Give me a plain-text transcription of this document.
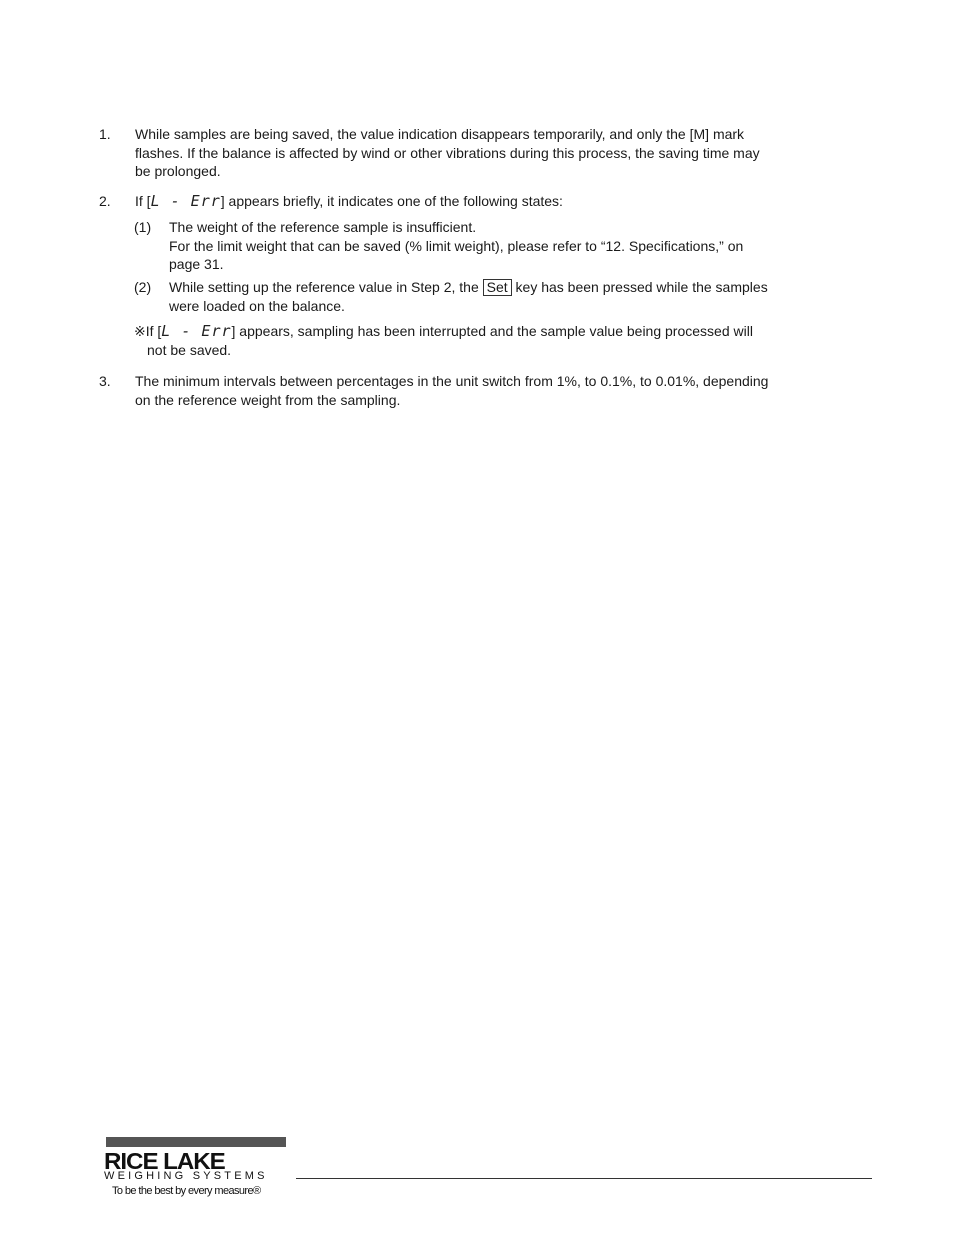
1. While samples are being saved, the value indication disappears temporarily, and only the [M] mark flashes. If the balance is affected by wind or other vibrations during this process, the saving time may be prolonged.
2. If [L - Err] appears briefly, it indicates one of the following states:
(1) The weight of the reference sample is insufficient.
For the limit weight that can be saved (% limit weight), please refer to “12. Specifications,” on page 31.
(2) While setting up the reference value in Step 2, the Set key has been pressed while the samples were loaded on the balance.
※If [L - Err] appears, sampling has been interrupted and the sample value being processed will not be saved.
3. The minimum intervals between percentages in the unit switch from 1%, to 0.1%, to 0.01%, depending on the reference weight from the sampling.
RICE LAKE
WEIGHING SYSTEMS
To be the best by every measure®
